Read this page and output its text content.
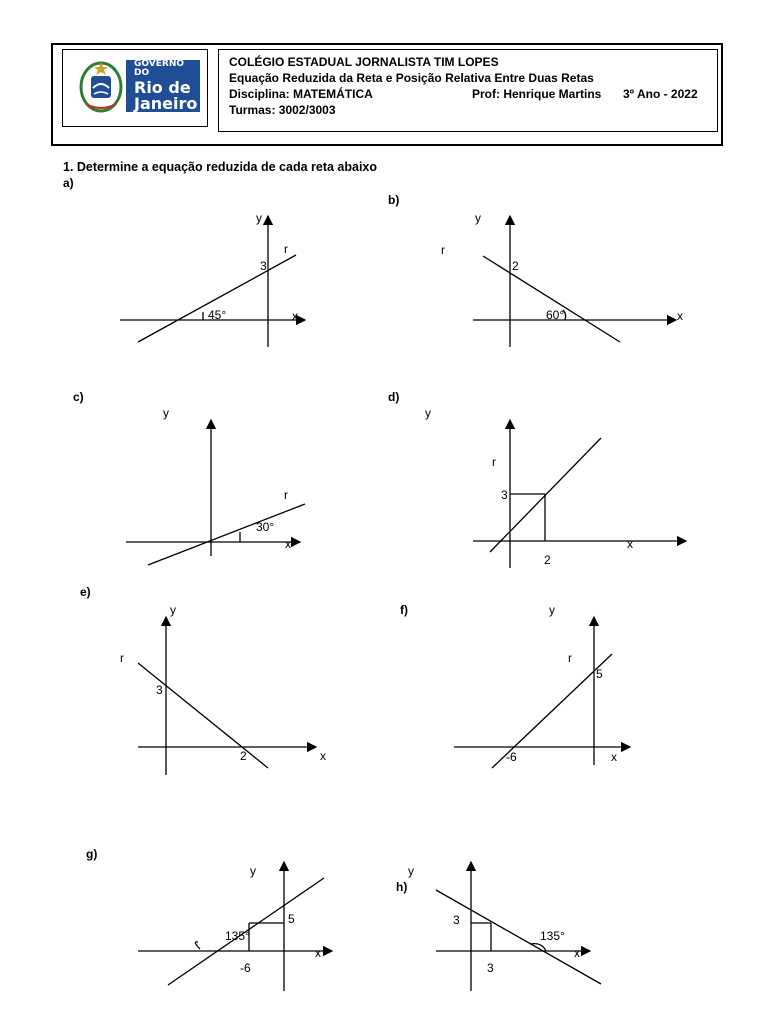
GOVERNO DO
Rio de
Janeiro
COLÉGIO ESTADUAL JORNALISTA TIM LOPES
Equação Reduzida da Reta e Posição Relativa Entre Duas Retas
Disciplina: MATEMÁTICA	Prof: Henrique Martins 3º Ano - 2022
Turmas: 3002/3003
1. Determine a equação reduzida de cada reta abaixo
a)
b)
c)	d)
e)
f)
g)
h)
y
x
r
3
45°
y
x
r
2
60°
y
x
r
30°
y
x
r
3
2
y
x
r
3
2
y
x
r
5
-6
y
x
5
-6
135°
y
x
3
3
135°
